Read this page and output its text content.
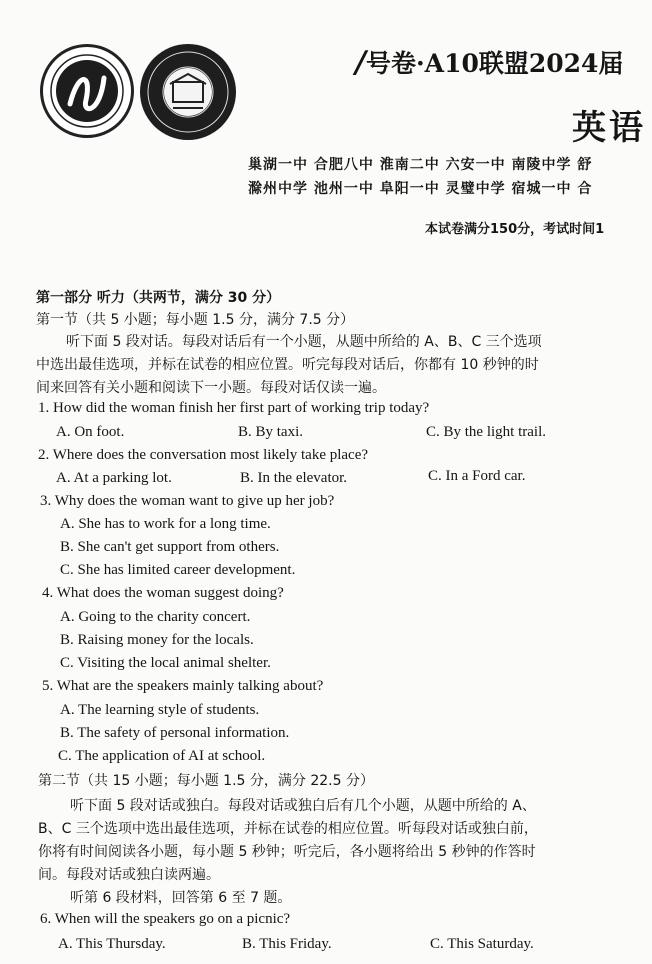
/号卷·A10联盟2024届
英语
巢湖一中 合肥八中 淮南二中 六安一中 南陵中学 舒
滁州中学 池州一中 阜阳一中 灵璧中学 宿城一中 合
本试卷满分150分，考试时间1
第一部分 听力（共两节，满分 30 分）
第一节（共 5 小题；每小题 1.5 分，满分 7.5 分）
听下面 5 段对话。每段对话后有一个小题，从题中所给的 A、B、C 三个选项
中选出最佳选项，并标在试卷的相应位置。听完每段对话后，你都有 10 秒钟的时
间来回答有关小题和阅读下一小题。每段对话仅读一遍。
1. How did the woman finish her first part of working trip today?
A. On foot.	B. By taxi.	C. By the light trail.
2. Where does the conversation most likely take place?
A. At a parking lot.	B. In the elevator.	C. In a Ford car.
3. Why does the woman want to give up her job?
A. She has to work for a long time.
B. She can't get support from others.
C. She has limited career development.
4. What does the woman suggest doing?
A. Going to the charity concert.
B. Raising money for the locals.
C. Visiting the local animal shelter.
5. What are the speakers mainly talking about?
A. The learning style of students.
B. The safety of personal information.
C. The application of AI at school.
第二节（共 15 小题；每小题 1.5 分，满分 22.5 分）
听下面 5 段对话或独白。每段对话或独白后有几个小题，从题中所给的 A、
B、C 三个选项中选出最佳选项，并标在试卷的相应位置。听每段对话或独白前，
你将有时间阅读各小题，每小题 5 秒钟；听完后，各小题将给出 5 秒钟的作答时
间。每段对话或独白读两遍。
听第 6 段材料，回答第 6 至 7 题。
6. When will the speakers go on a picnic?
A. This Thursday.	B. This Friday.	C. This Saturday.
